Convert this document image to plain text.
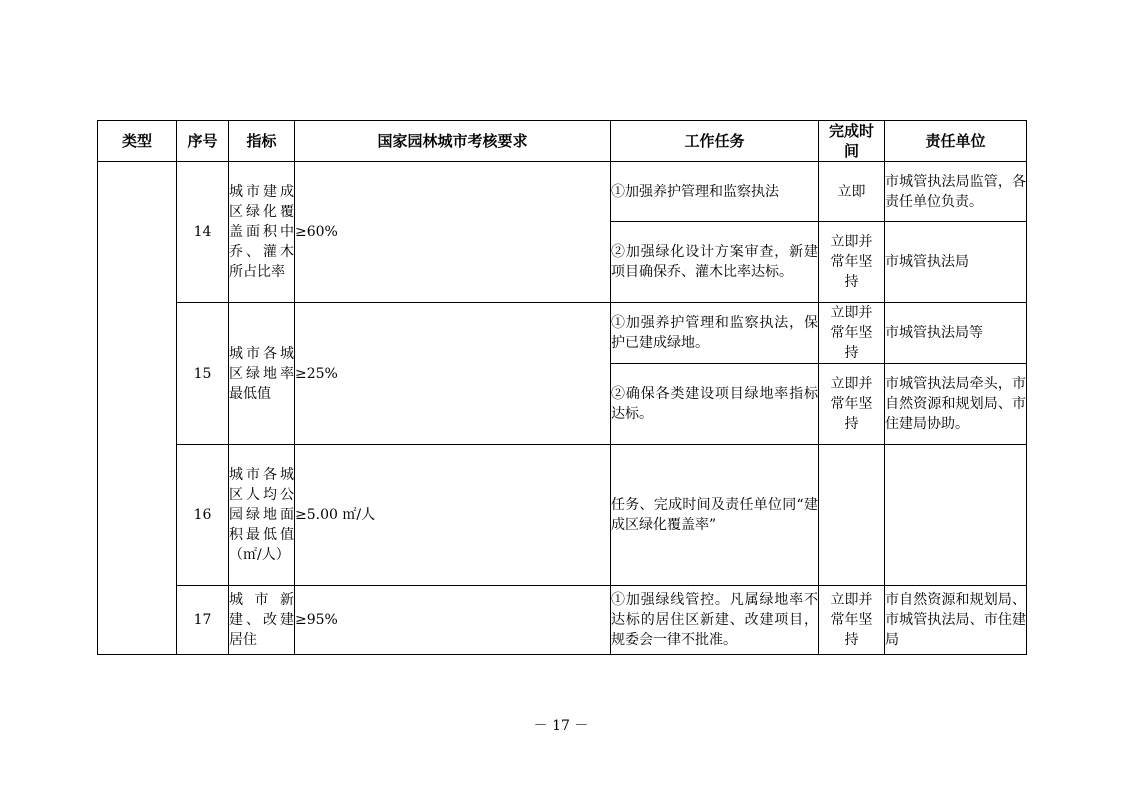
类型	序号	指标	国家园林城市考核要求	工作任务	完成时间	责任单位
	14	城市建成区绿化覆盖面积中乔、灌木所占比率	≥60%	①加强养护管理和监察执法	立即	市城管执法局监管，各责任单位负责。
				②加强绿化设计方案审查，新建项目确保乔、灌木比率达标。	立即并常年坚持	市城管执法局
	15	城市各城区绿地率最低值	≥25%	①加强养护管理和监察执法，保护已建成绿地。	立即并常年坚持	市城管执法局等
				②确保各类建设项目绿地率指标达标。	立即并常年坚持	市城管执法局牵头，市自然资源和规划局、市住建局协助。
	16	城市各城区人均公园绿地面积最低值（㎡/人）	≥5.00 ㎡/人	任务、完成时间及责任单位同“建成区绿化覆盖率”		
	17	城市新建、改建居住	≥95%	①加强绿线管控。凡属绿地率不达标的居住区新建、改建项目，规委会一律不批准。	立即并常年坚持	市自然资源和规划局、市城管执法局、市住建局
－ 17 －
